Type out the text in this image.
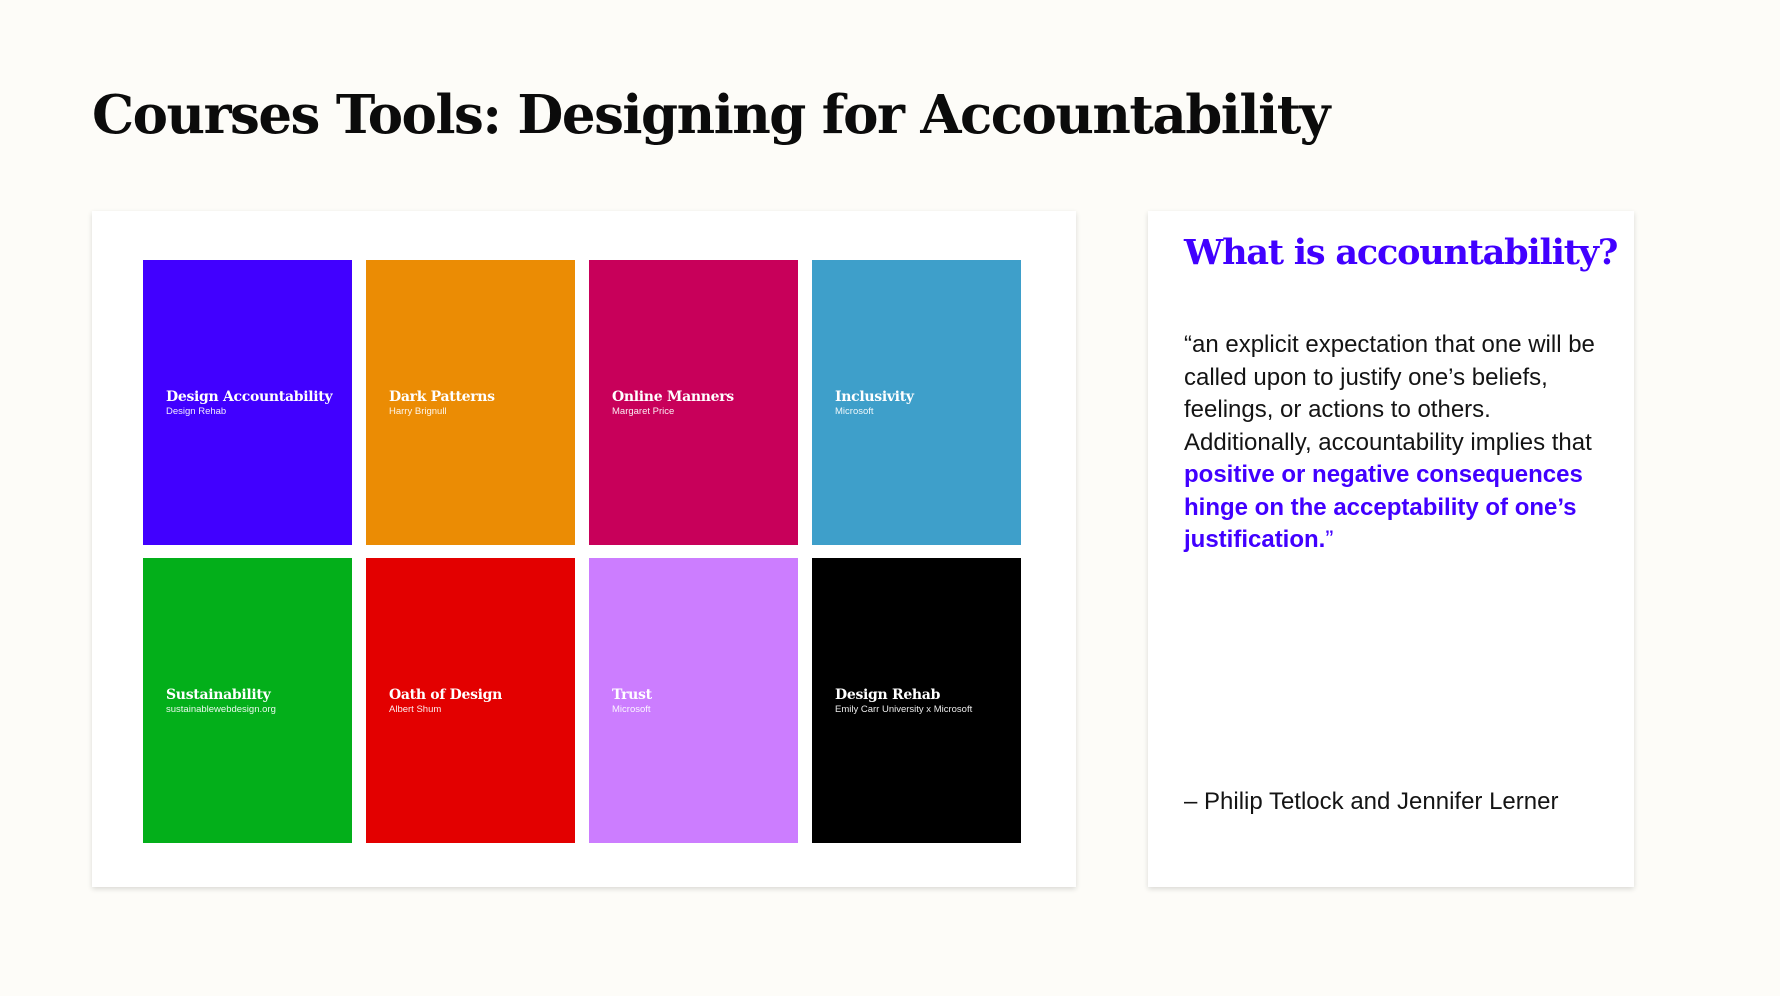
Courses Tools: Designing for Accountability
Design Accountability
Design Rehab
Dark Patterns
Harry Brignull
Online Manners
Margaret Price
Inclusivity
Microsoft
Sustainability
sustainablewebdesign.org
Oath of Design
Albert Shum
Trust
Microsoft
Design Rehab
Emily Carr University x Microsoft
What is accountability?

“an explicit expectation that one will be called upon to justify one’s beliefs, feelings, or actions to others. Additionally, accountability implies that positive or negative consequences hinge on the acceptability of one’s justification.”

– Philip Tetlock and Jennifer Lerner
